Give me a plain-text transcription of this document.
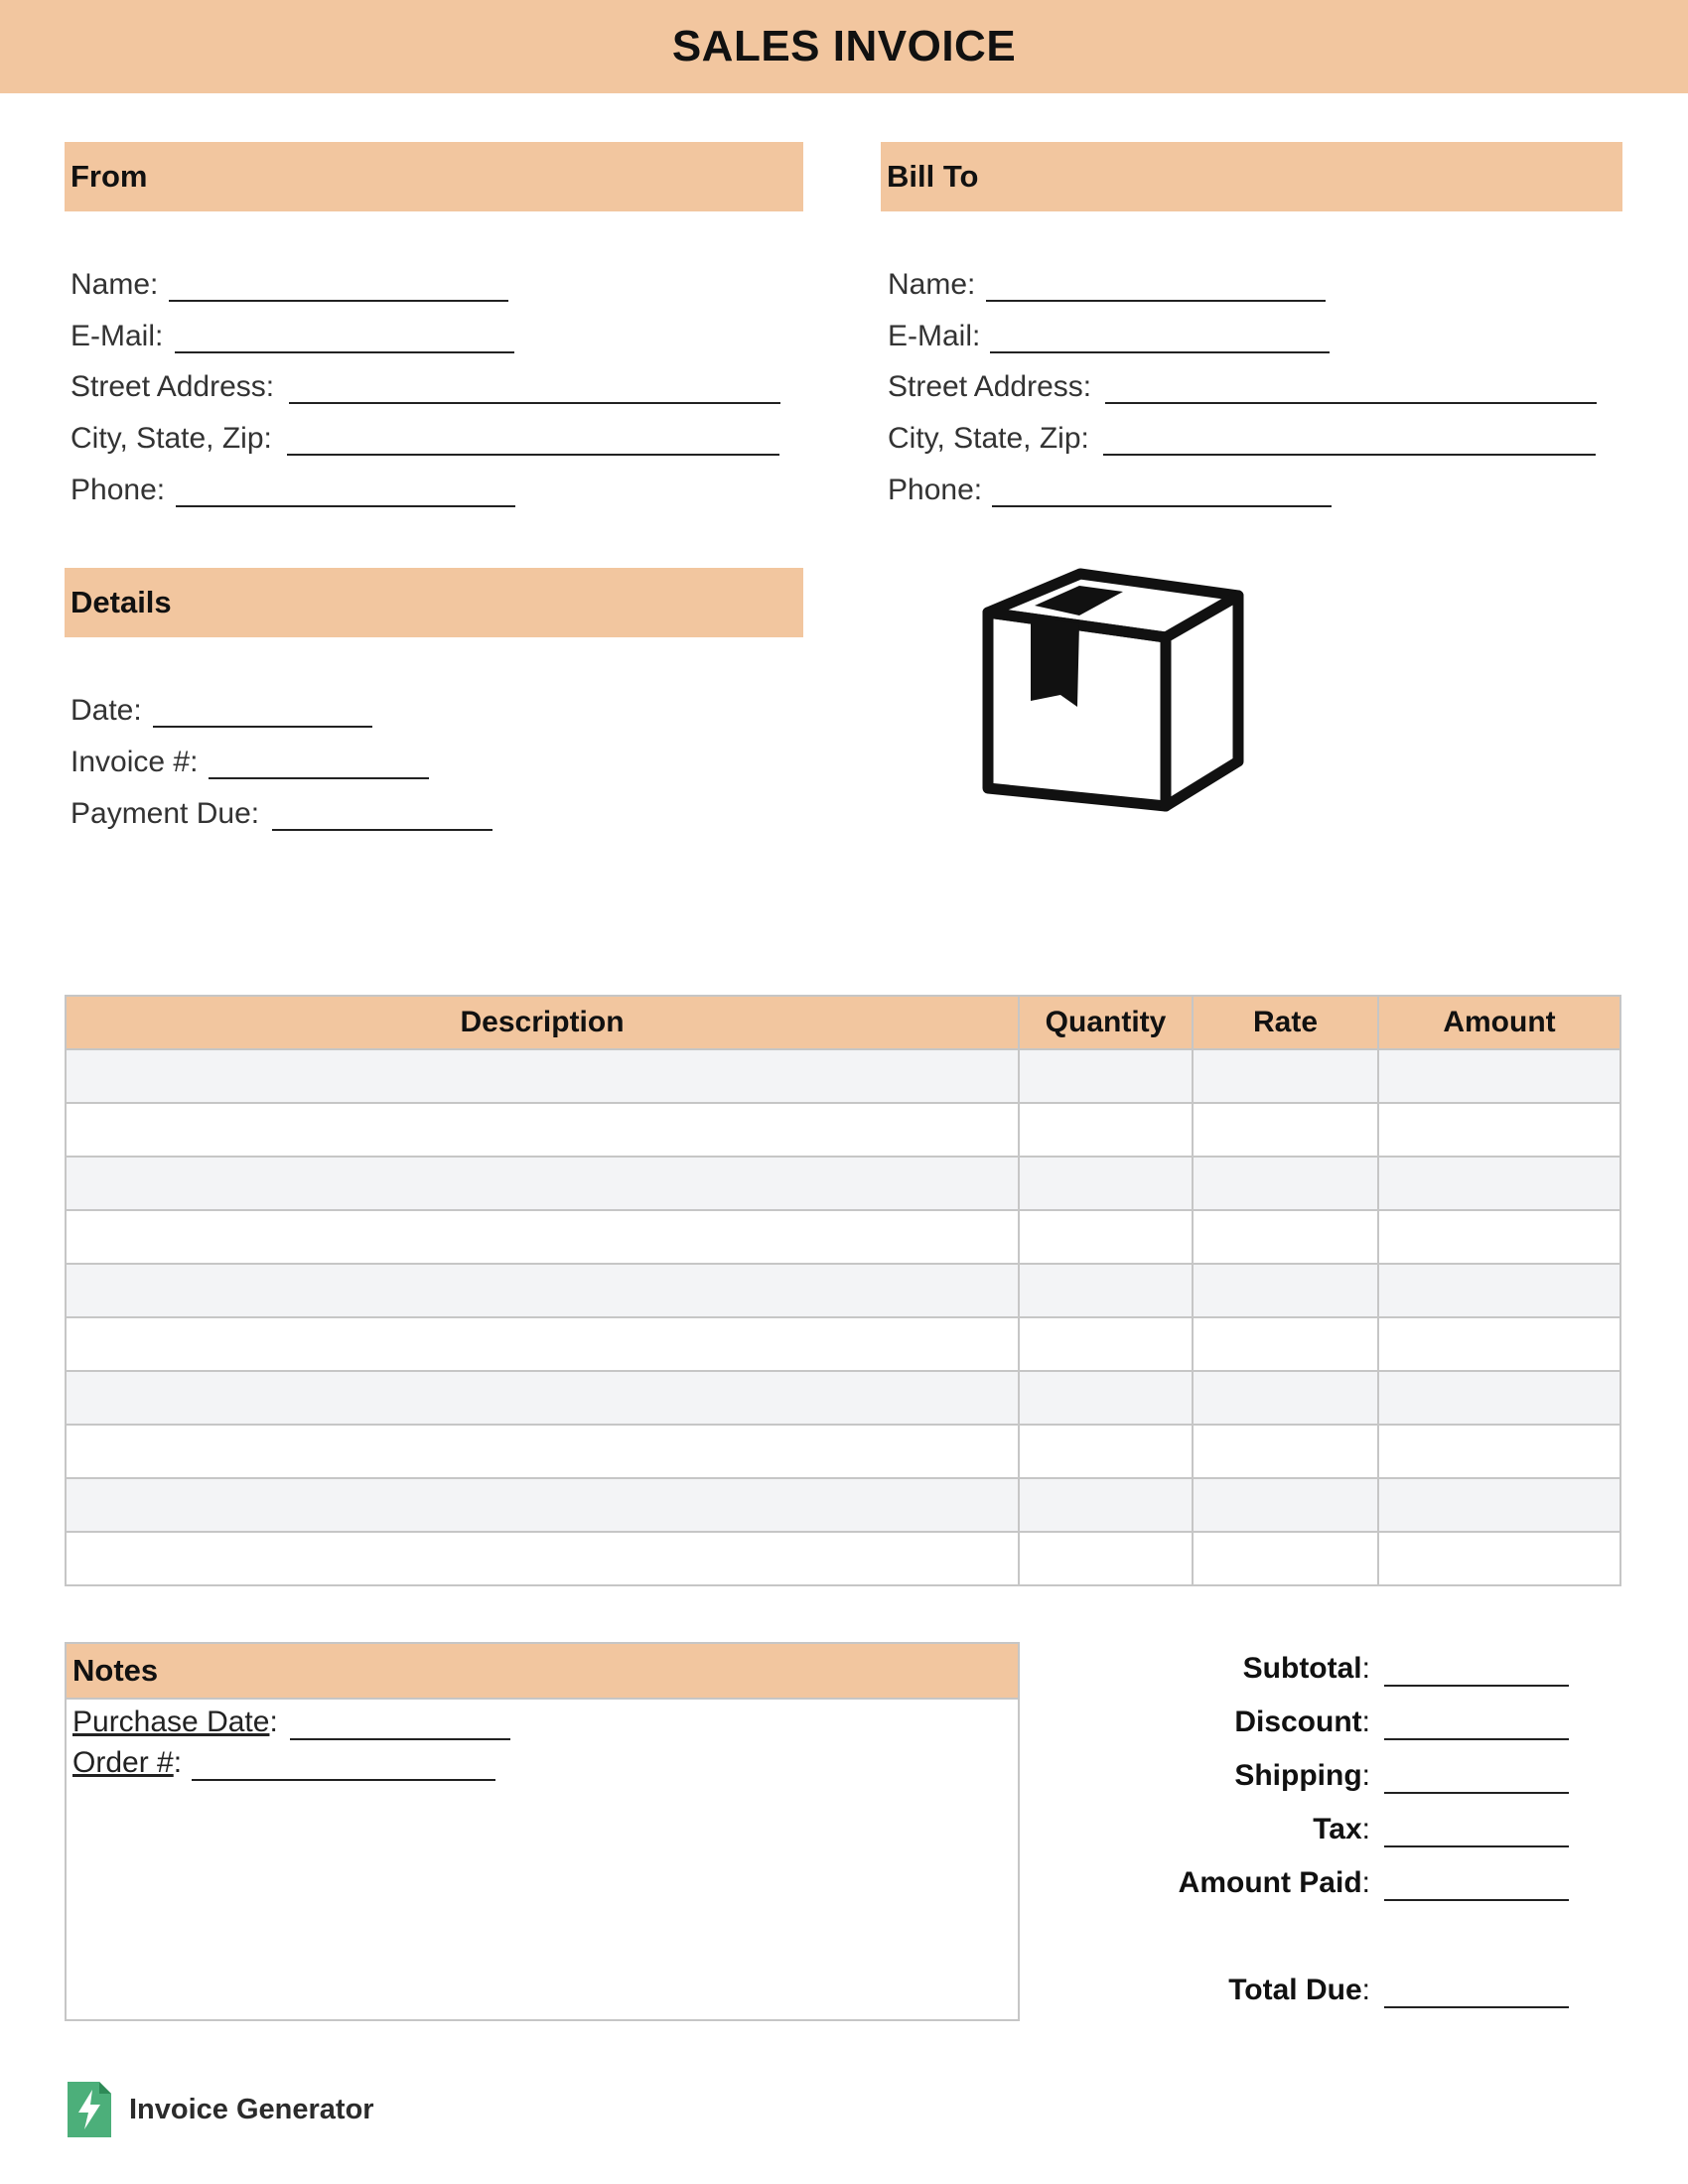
SALES INVOICE
From
Name:
E-Mail:
Street Address:
City, State, Zip:
Phone:
Bill To
Name:
E-Mail:
Street Address:
City, State, Zip:
Phone:
Details
Date:
Invoice #:
Payment Due:
Description	Quantity	Rate	Amount

Notes
Purchase Date:
Order #:
Subtotal:
Discount:
Shipping:
Tax:
Amount Paid:
Total Due:
Invoice Generator
